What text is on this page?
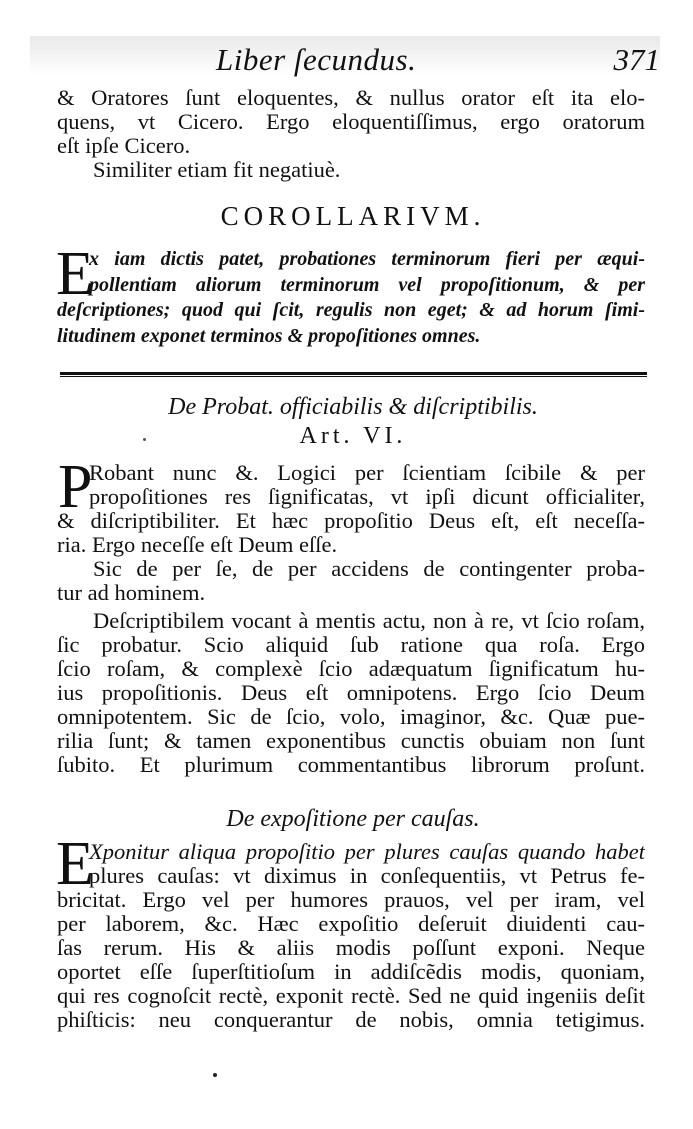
Liber ſecundus.	371
& Oratores ſunt eloquentes, & nullus orator eſt ita elo-
quens, vt Cicero. Ergo eloquentiſſimus, ergo oratorum
eſt ipſe Cicero.
Similiter etiam fit negatiuè.
COROLLARIVM.
E
x iam dictis patet, probationes terminorum fieri per æqui-
pollentiam aliorum terminorum vel propoſitionum, & per
deſcriptiones; quod qui ſcit, regulis non eget; & ad horum ſimi-
litudinem exponet terminos & propoſitiones omnes.
De Probat. officiabilis & diſcriptibilis.
Art. VI.
P
Robant nunc &. Logici per ſcientiam ſcibile & per
propoſitiones res ſignificatas, vt ipſi dicunt officialiter,
& diſcriptibiliter. Et hæc propoſitio Deus eſt, eſt neceſſa-
ria. Ergo neceſſe eſt Deum eſſe.
Sic de per ſe, de per accidens de contingenter proba-
tur ad hominem.
Deſcriptibilem vocant à mentis actu, non à re, vt ſcio roſam,
ſic probatur. Scio aliquid ſub ratione qua roſa. Ergo
ſcio roſam, & complexè ſcio adæquatum ſignificatum hu-
ius propoſitionis. Deus eſt omnipotens. Ergo ſcio Deum
omnipotentem. Sic de ſcio, volo, imaginor, &c. Quæ pue-
rilia ſunt; & tamen exponentibus cunctis obuiam non ſunt
ſubito. Et plurimum commentantibus librorum proſunt.
De expoſitione per cauſas.
E
Xponitur aliqua propoſitio per plures cauſas quando habet
plures cauſas: vt diximus in conſequentiis, vt Petrus fe-
bricitat. Ergo vel per humores prauos, vel per iram, vel
per laborem, &c. Hæc expoſitio deſeruit diuidenti cau-
ſas rerum. His & aliis modis poſſunt exponi. Neque
oportet eſſe ſuperſtitioſum in addiſcẽdis modis, quoniam,
qui res cognoſcit rectè, exponit rectè. Sed ne quid ingeniis deſit
phiſticis: neu conquerantur de nobis, omnia tetigimus.
